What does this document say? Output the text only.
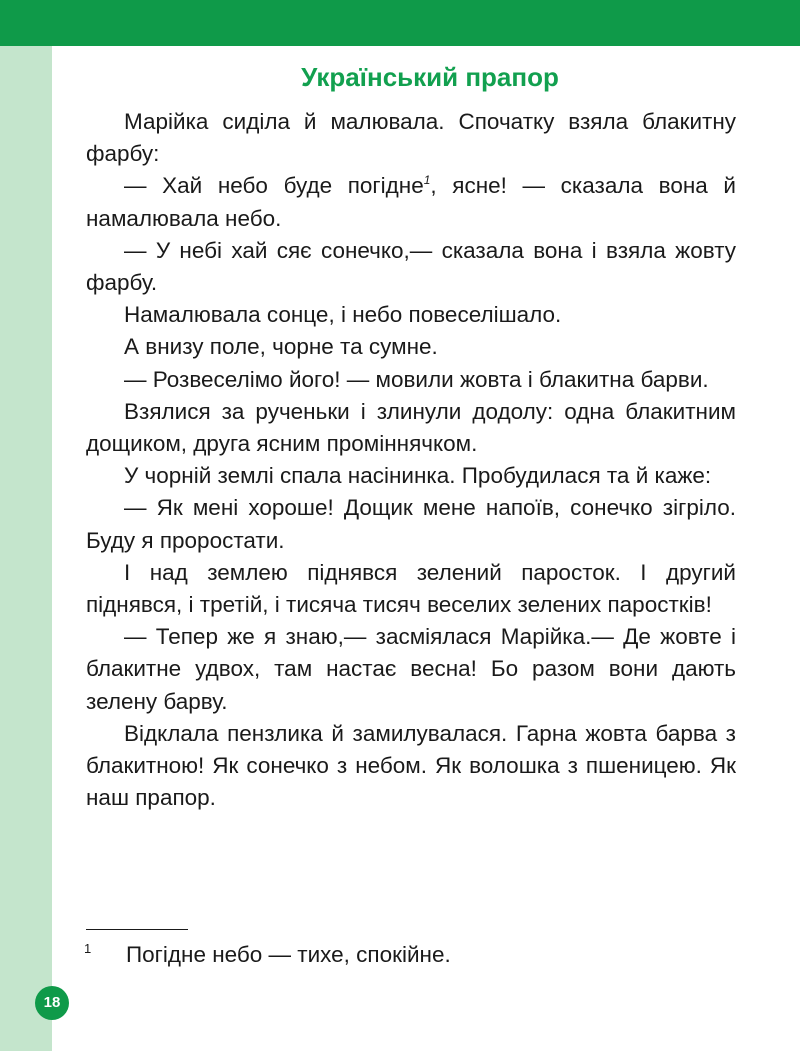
Український прапор

Марійка сиділа й малювала. Спочатку взяла блакитну фарбу:

— Хай небо буде погідне$^1$, ясне! — сказала вона й намалювала небо.

— У небі хай сяє сонечко,— сказала вона і взяла жовту фарбу.

Намалювала сонце, і небо повеселішало.

А внизу поле, чорне та сумне.

— Розвеселімо його! — мовили жовта і блакитна барви.

Взялися за рученьки і злинули додолу: одна блакитним дощиком, друга ясним проміннячком.

У чорній землі спала насінинка. Пробудилася та й каже:

— Як мені хороше! Дощик мене напоїв, сонечко зігріло. Буду я проростати.

І над землею піднявся зелений паросток. І другий піднявся, і третій, і тисяча тисяч веселих зелених паростків!

— Тепер же я знаю,— засміялася Марійка.— Де жовте і блакитне удвох, там настає весна! Бо разом вони дають зелену барву.

Відклала пензлика й замилувалася. Гарна жовта барва з блакитною! Як сонечко з небом. Як волошка з пшеницею. Як наш прапор.

1 Погідне небо — тихе, спокійне.
18
